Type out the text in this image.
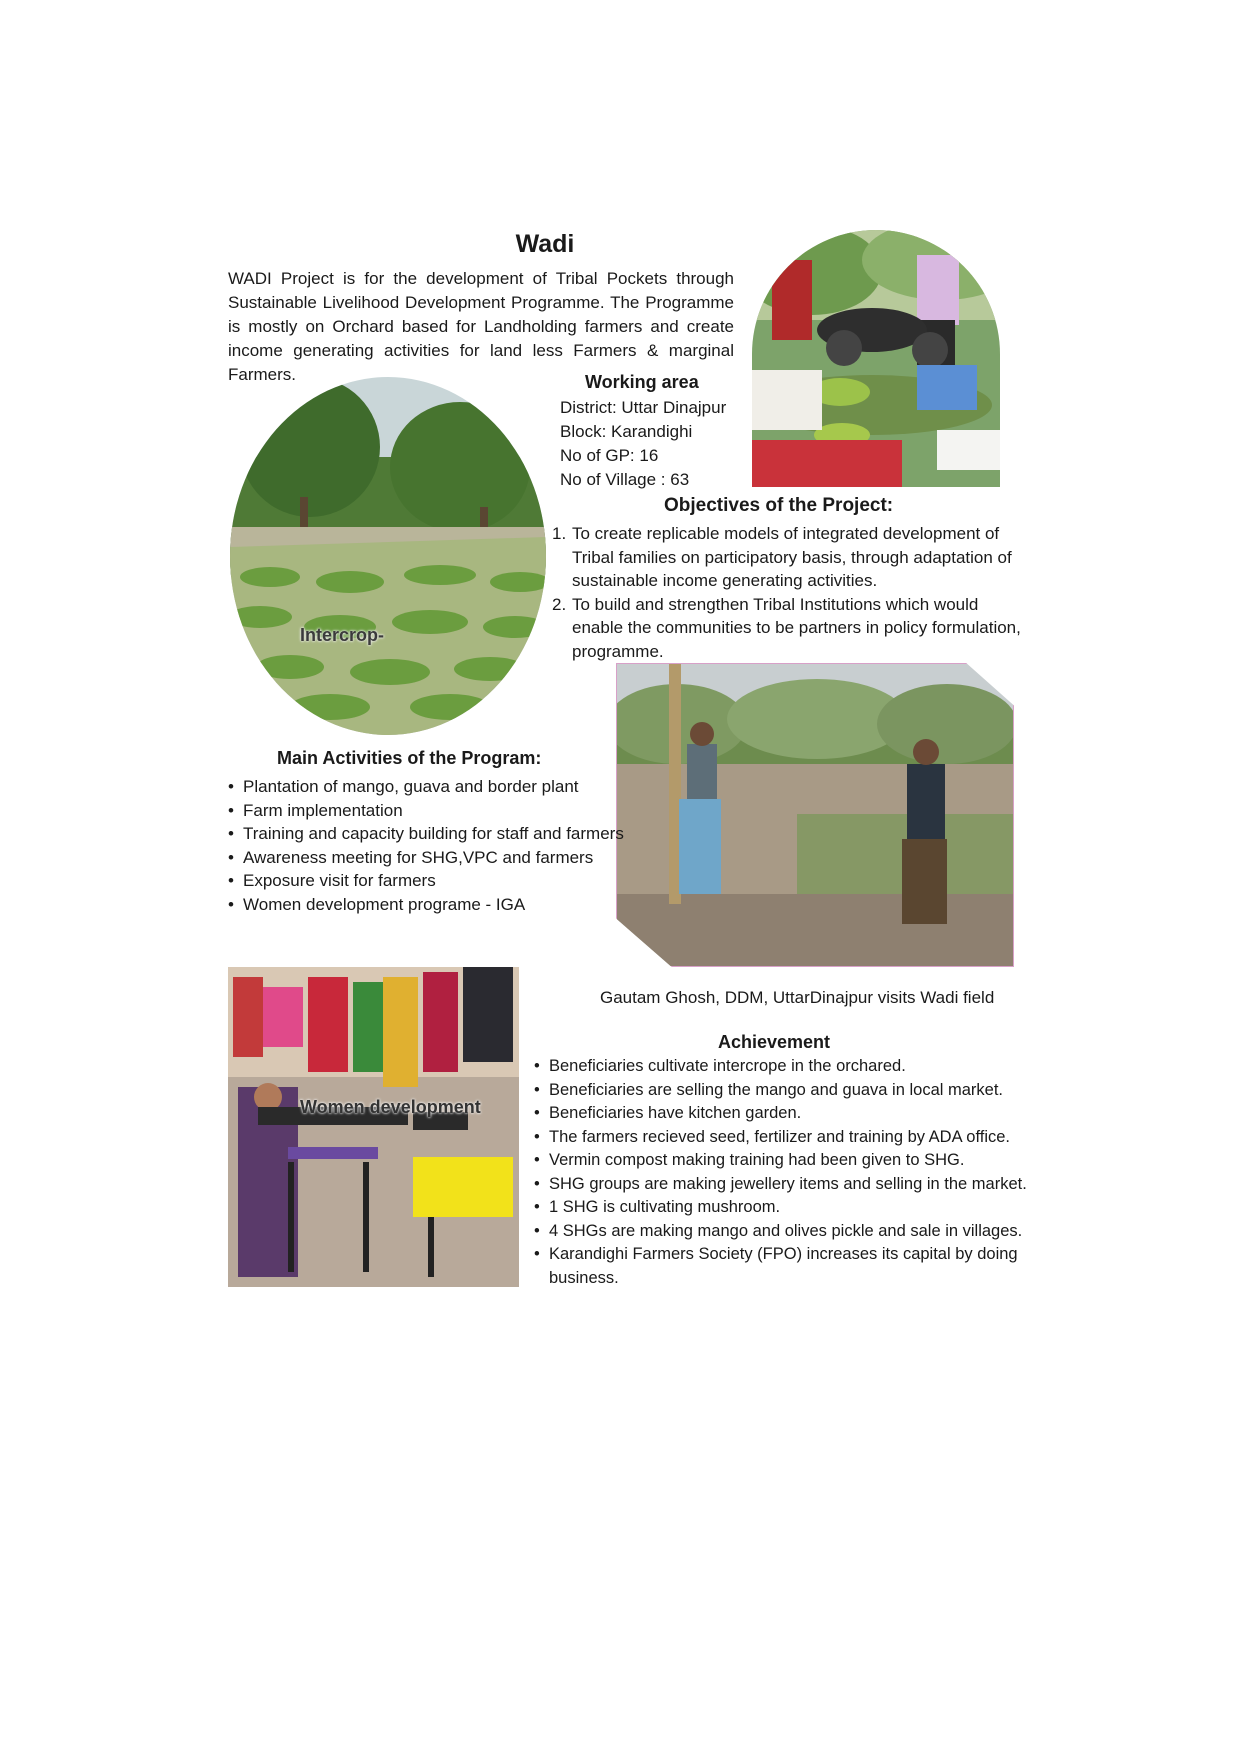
Wadi
WADI Project is for the development of Tribal Pockets through Sustainable Livelihood Development Programme. The Programme is mostly on Orchard based for Landholding farmers and create income generating activities for land less Farmers & marginal Farmers.	Working area
District: Uttar Dinajpur
Block: Karandighi
No of GP: 16
No of Village : 63
Intercrop-
Objectives of the Project:
1. To create replicable models of integrated development of Tribal families on participatory basis, through adaptation of sustainable income generating activities.
2. To build and strengthen Tribal Institutions which would enable the communities to be partners in policy formulation, programme.
Main Activities of the Program:
• Plantation of mango, guava and border plant
• Farm implementation
• Training and capacity building for staff and farmers
• Awareness meeting for SHG,VPC and farmers
• Exposure visit for farmers
• Women development programe - IGA
Women development
Gautam Ghosh, DDM, UttarDinajpur visits Wadi field
Achievement
• Beneficiaries cultivate intercrope in the orchared.
• Beneficiaries are selling the mango and guava in local market.
• Beneficiaries have kitchen garden.
• The farmers recieved seed, fertilizer and training by ADA office.
• Vermin compost making training had been given to SHG.
• SHG groups are making jewellery items and selling in the market.
• 1 SHG is cultivating mushroom.
• 4 SHGs are making mango and olives pickle and sale in villages.
• Karandighi Farmers Society (FPO) increases its capital by doing business.
